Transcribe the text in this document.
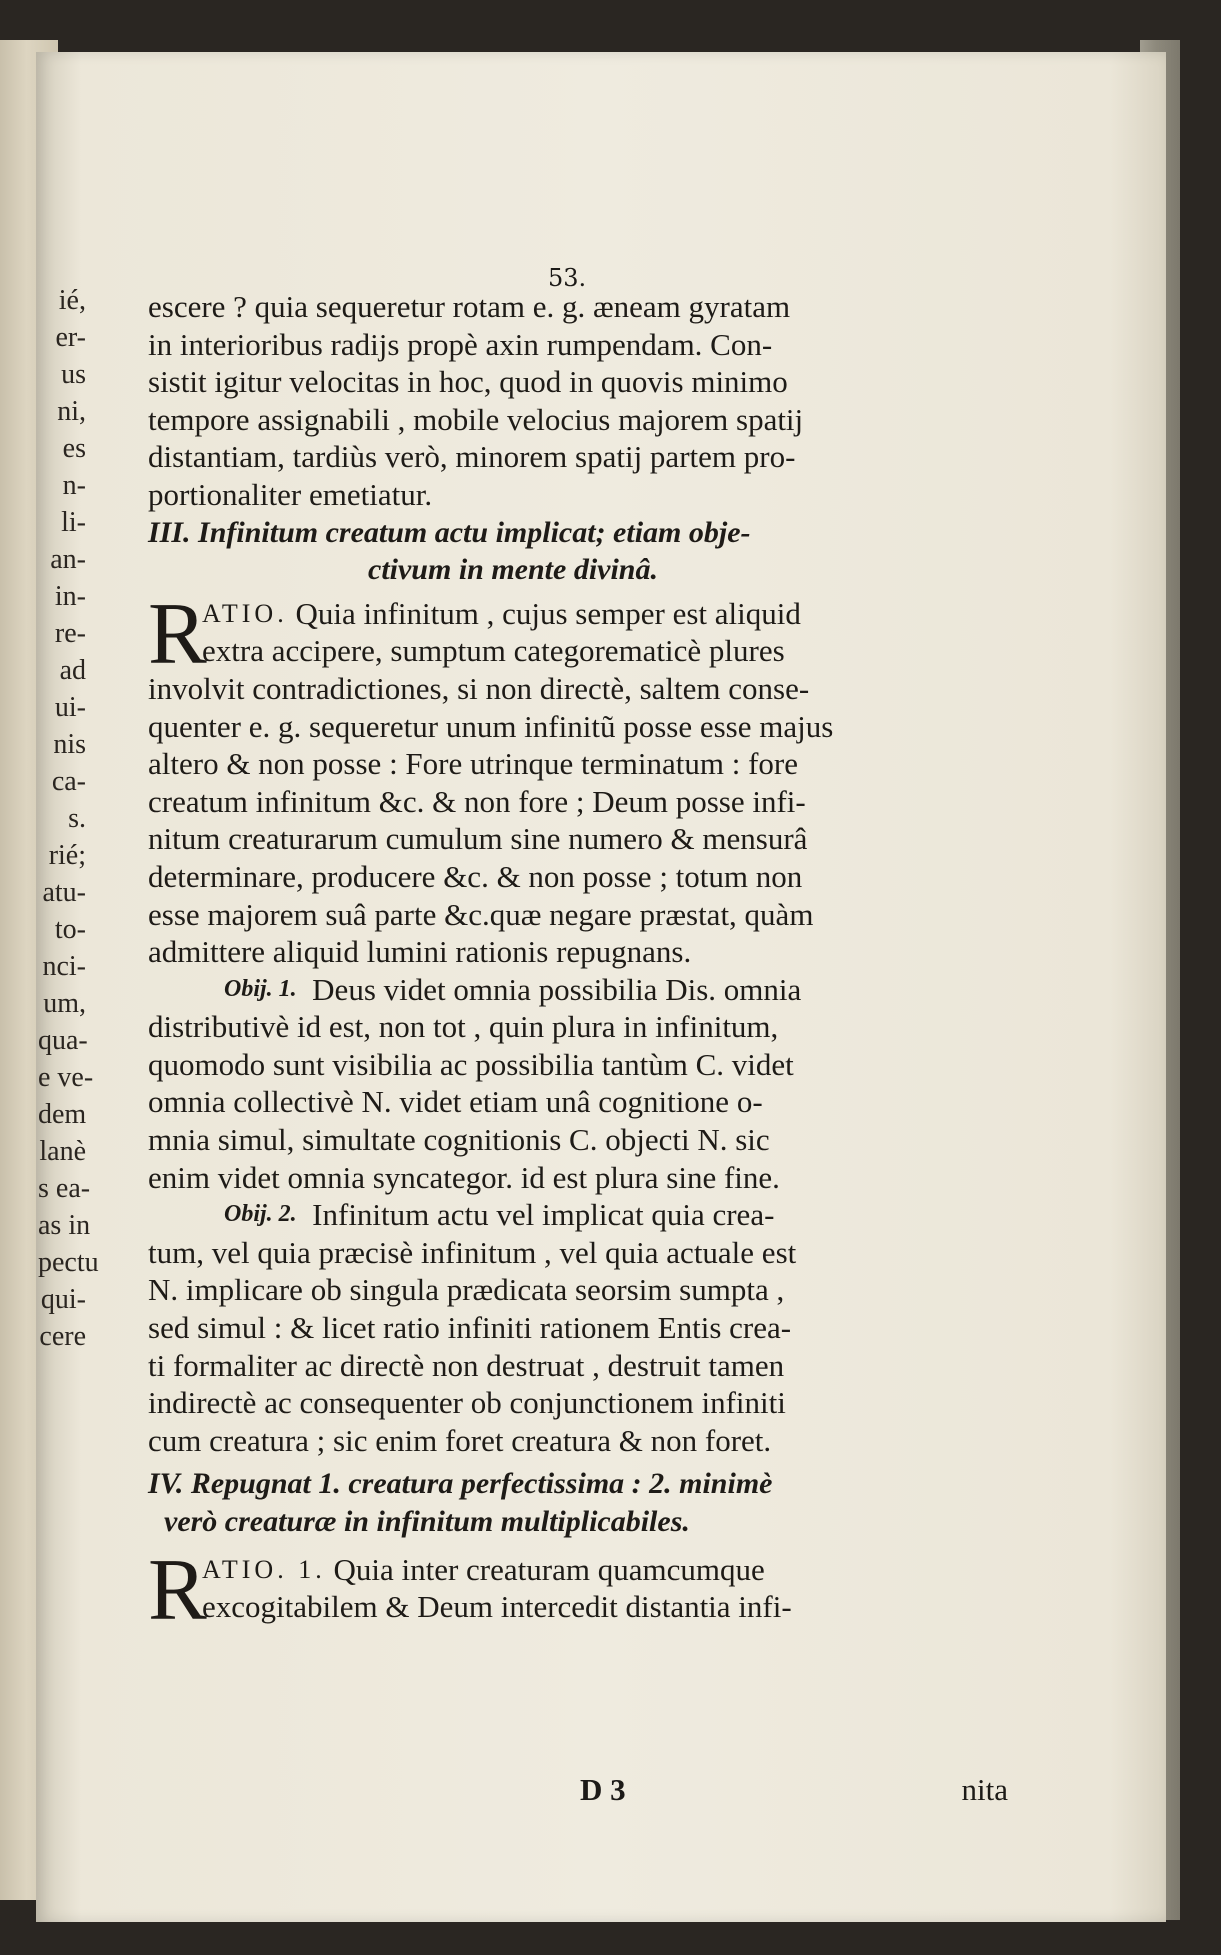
ié,
er-
us
ni,
es
n-
li-
an-
in-
re-
ad
ui-
nis
ca-
s.
rié;
atu-
to-
nci-
um,
qua-
e ve-
dem
lanè
s ea-
as in
pectu
qui-
cere
53.
escere ? quia sequeretur rotam e. g. æneam gyratam
in interioribus radijs propè axin rumpendam. Con-
sistit igitur velocitas in hoc, quod in quovis minimo
tempore assignabili , mobile velocius majorem spatij
distantiam, tardiùs verò, minorem spatij partem pro-
portionaliter emetiatur.
III. Infinitum creatum actu implicat; etiam obje-
ctivum in mente divinâ.
R
ATIO.
Quia infinitum , cujus semper est aliquid
extra accipere, sumptum categorematicè plures
involvit contradictiones, si non directè, saltem conse-
quenter e. g. sequeretur unum infinitũ posse esse majus
altero & non posse : Fore utrinque terminatum : fore
creatum infinitum &c. & non fore ; Deum posse infi-
nitum creaturarum cumulum sine numero & mensurâ
determinare, producere &c. & non posse ; totum non
esse majorem suâ parte &c.quæ negare præstat, quàm
admittere aliquid lumini rationis repugnans.
Obij. 1.
Deus videt omnia possibilia Dis. omnia
distributivè id est, non tot , quin plura in infinitum,
quomodo sunt visibilia ac possibilia tantùm C. videt
omnia collectivè N. videt etiam unâ cognitione o-
mnia simul, simultate cognitionis C. objecti N. sic
enim videt omnia syncategor. id est plura sine fine.
Obij. 2.
Infinitum actu vel implicat quia crea-
tum, vel quia præcisè infinitum , vel quia actuale est
N. implicare ob singula prædicata seorsim sumpta ,
sed simul : & licet ratio infiniti rationem Entis crea-
ti formaliter ac directè non destruat , destruit tamen
indirectè ac consequenter ob conjunctionem infiniti
cum creatura ; sic enim foret creatura & non foret.
IV. Repugnat 1. creatura perfectissima : 2. minimè
verò creaturæ in infinitum multiplicabiles.
R
ATIO. 1.
Quia inter creaturam quamcumque
excogitabilem & Deum intercedit distantia infi-
D 3	nita
